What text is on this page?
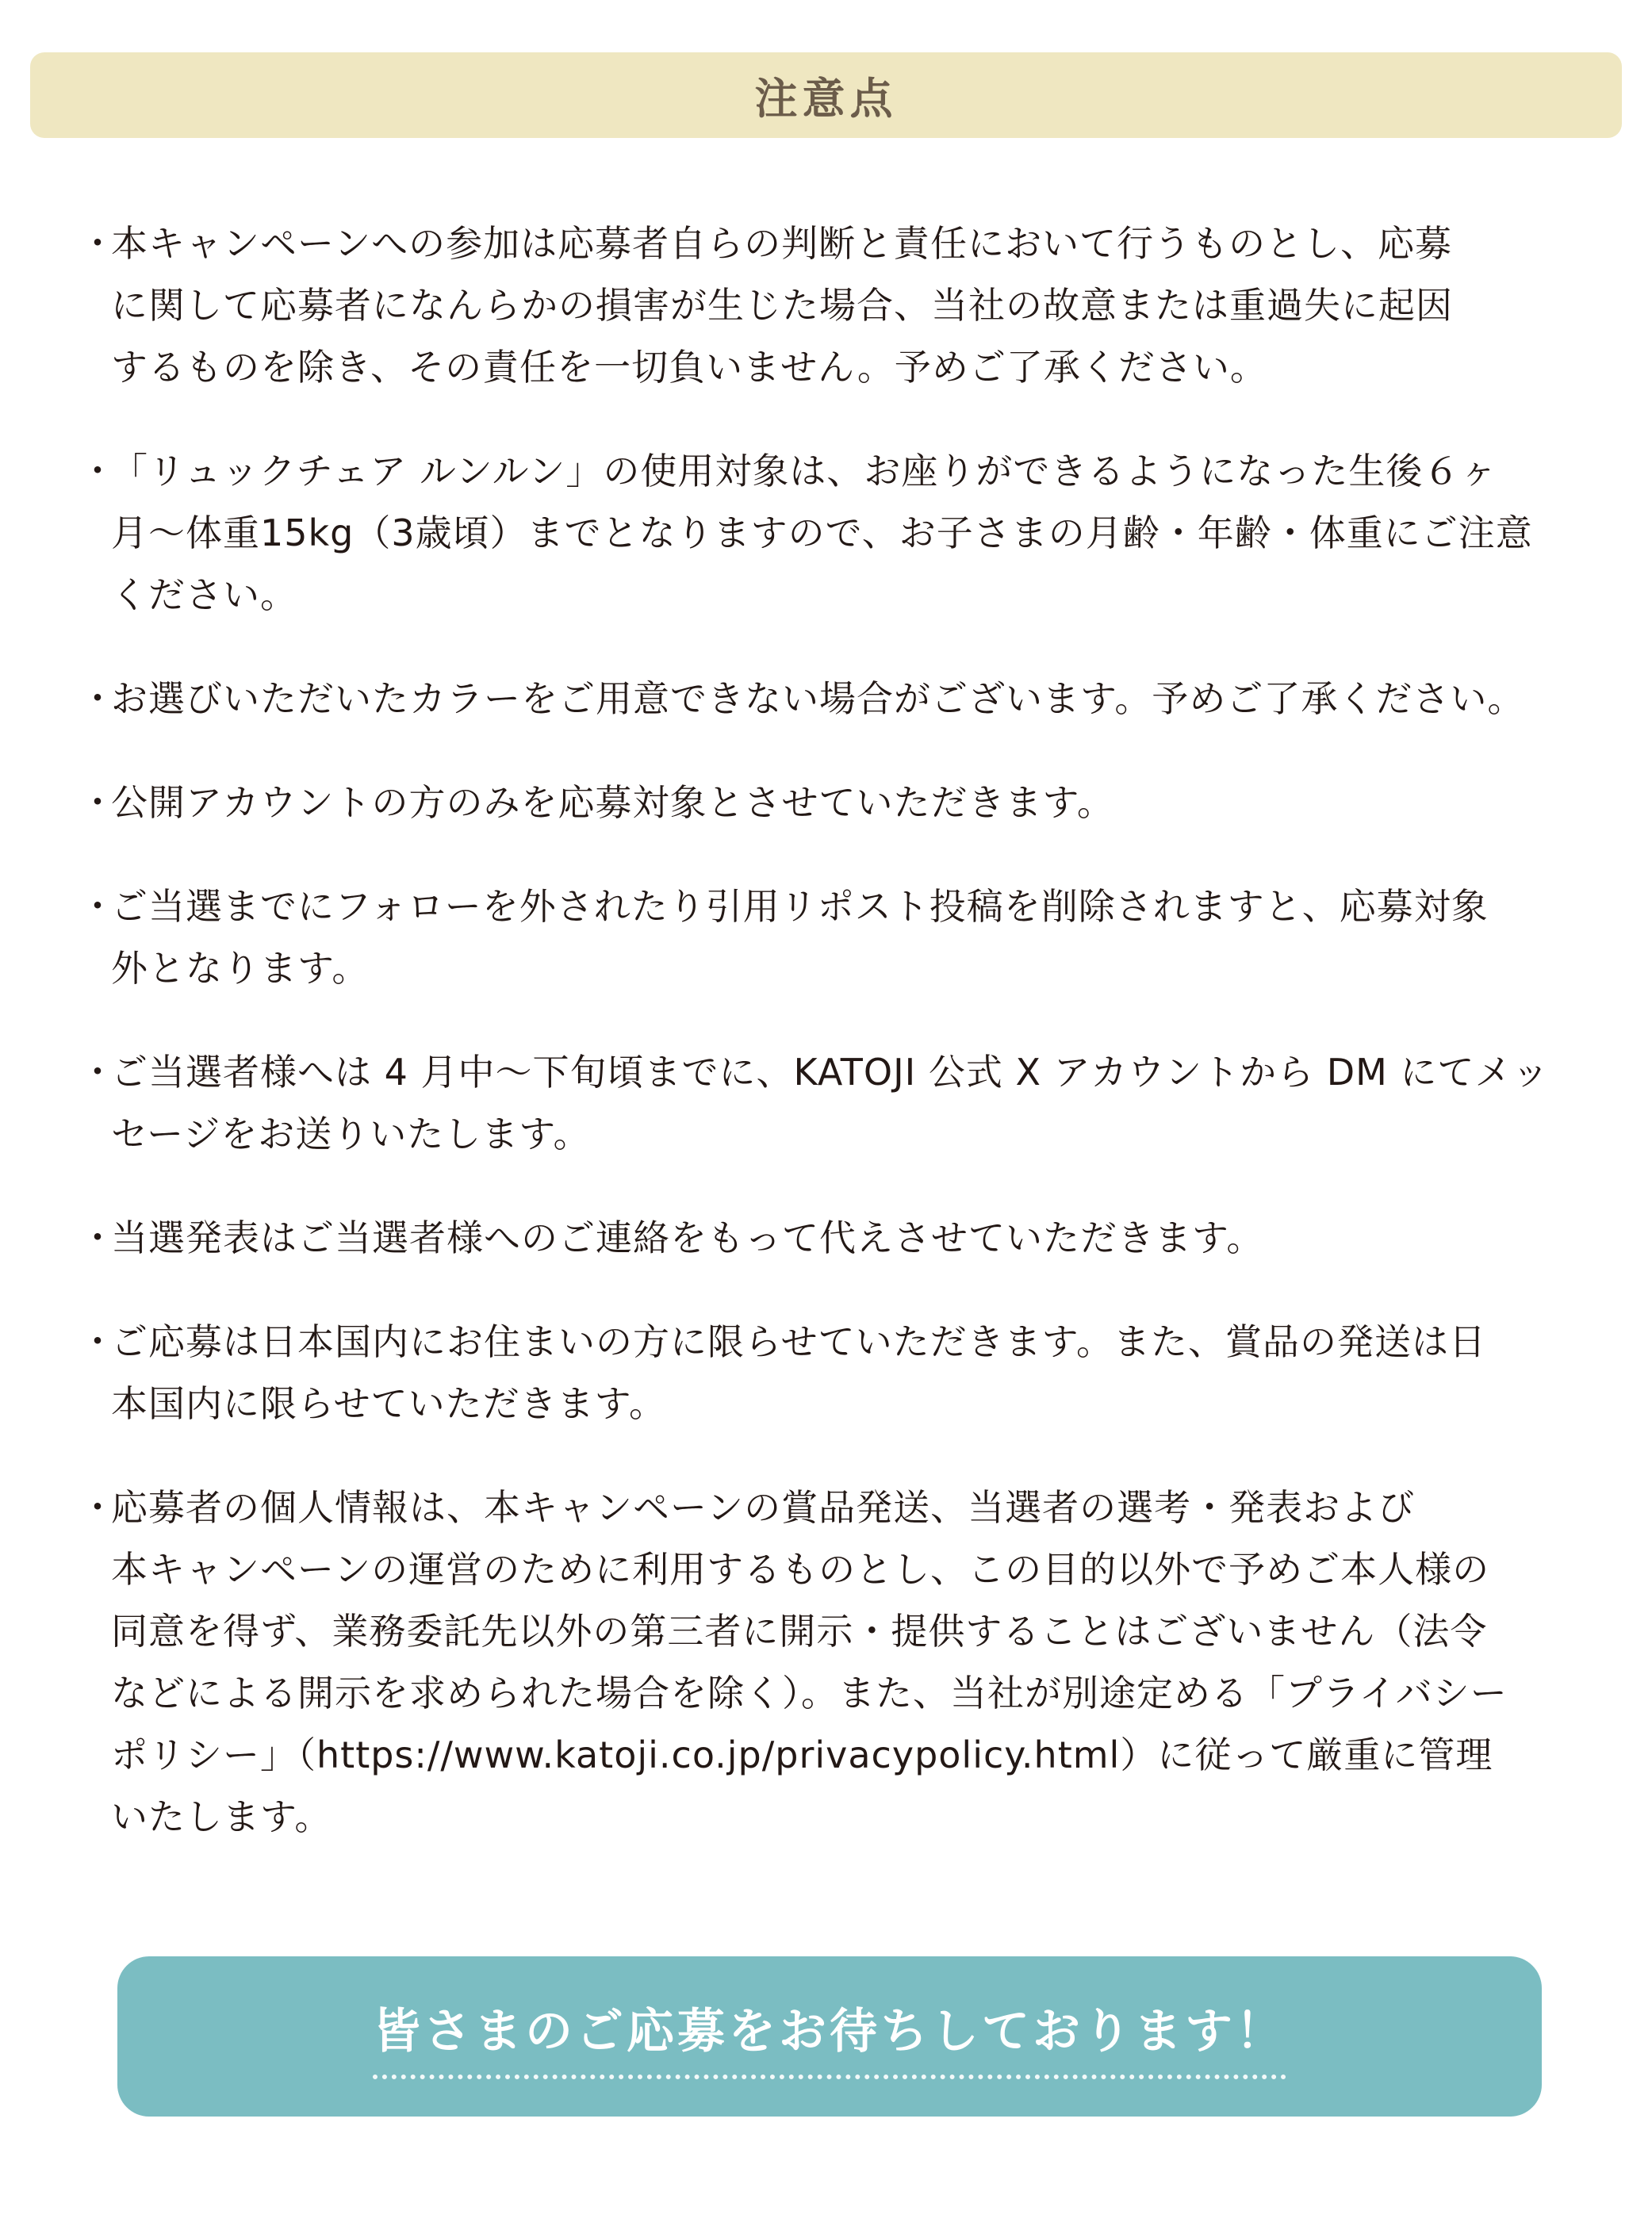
注意点
・
本キャンペーンへの参加は応募者自らの判断と責任において行うものとし、応募
に関して応募者になんらかの損害が生じた場合、当社の故意または重過失に起因
するものを除き、その責任を一切負いません。予めご了承ください。
・
「リュックチェア ルンルン」の使用対象は、お座りができるようになった生後６ヶ
月〜体重15kg（3歳頃）までとなりますので、お子さまの月齢・年齢・体重にご注意
ください。
・
お選びいただいたカラーをご用意できない場合がございます。予めご了承ください。
・
公開アカウントの方のみを応募対象とさせていただきます。
・
ご当選までにフォローを外されたり引用リポスト投稿を削除されますと、応募対象
外となります。
・
ご当選者様へは 4 月中〜下旬頃までに、KATOJI 公式 X アカウントから DM にてメッ
セージをお送りいたします。
・
当選発表はご当選者様へのご連絡をもって代えさせていただきます。
・
ご応募は日本国内にお住まいの方に限らせていただきます。また、賞品の発送は日
本国内に限らせていただきます。
・
応募者の個人情報は、本キャンペーンの賞品発送、当選者の選考・発表および
本キャンペーンの運営のために利用するものとし、この目的以外で予めご本人様の
同意を得ず、業務委託先以外の第三者に開示・提供することはございません（法令
などによる開示を求められた場合を除く）。また、当社が別途定める「プライバシー
ポリシー」（https://www.katoji.co.jp/privacypolicy.html）に従って厳重に管理
いたします。
皆さまのご応募をお待ちしております！
